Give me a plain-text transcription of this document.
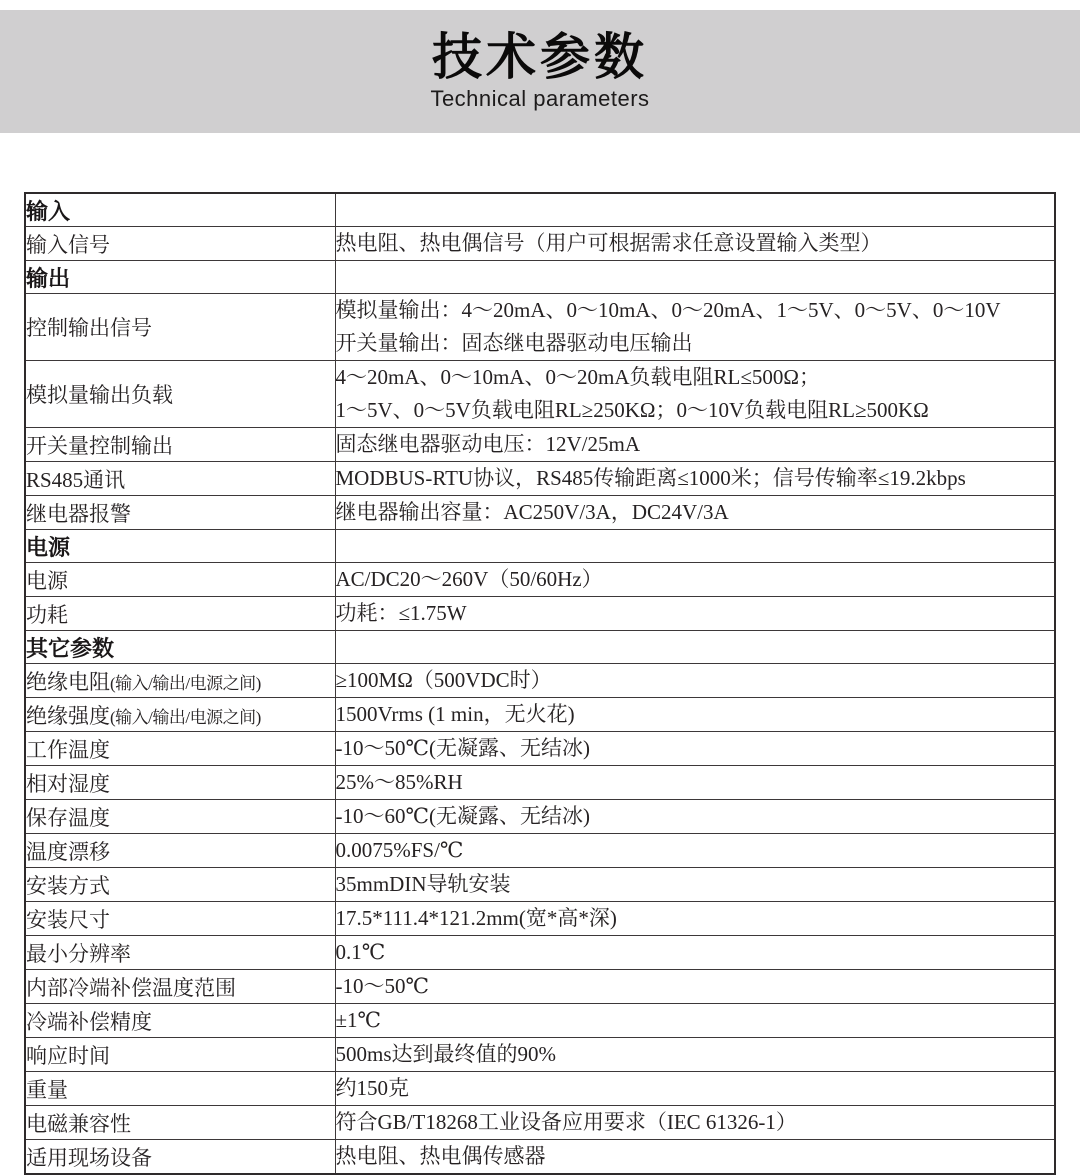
技术参数
Technical parameters
输入	
输入信号	热电阻、热电偶信号（用户可根据需求任意设置输入类型）

输出	
控制输出信号	模拟量输出：4～20mA、0～10mA、0～20mA、1～5V、0～5V、0～10V
开关量输出：固态继电器驱动电压输出

模拟量输出负载	4～20mA、0～10mA、0～20mA负载电阻RL≤500Ω；
1～5V、0～5V负载电阻RL≥250KΩ；0～10V负载电阻RL≥500KΩ

开关量控制输出	固态继电器驱动电压：12V/25mA

RS485通讯	MODBUS-RTU协议，RS485传输距离≤1000米；信号传输率≤19.2kbps

继电器报警	继电器输出容量：AC250V/3A，DC24V/3A

电源	
电源	AC/DC20～260V（50/60Hz）

功耗	功耗：≤1.75W

其它参数	
绝缘电阻(输入/输出/电源之间)	≥100MΩ（500VDC时）

绝缘强度(输入/输出/电源之间)	1500Vrms (1 min，无火花)

工作温度	-10～50℃(无凝露、无结冰)

相对湿度	25%～85%RH

保存温度	-10～60℃(无凝露、无结冰)

温度漂移	0.0075%FS/℃

安装方式	35mmDIN导轨安装

安装尺寸	17.5*111.4*121.2mm(宽*高*深)

最小分辨率	0.1℃

内部冷端补偿温度范围	-10～50℃

冷端补偿精度	±1℃

响应时间	500ms达到最终值的90%

重量	约150克

电磁兼容性	符合GB/T18268工业设备应用要求（IEC 61326-1）

适用现场设备	热电阻、热电偶传感器
